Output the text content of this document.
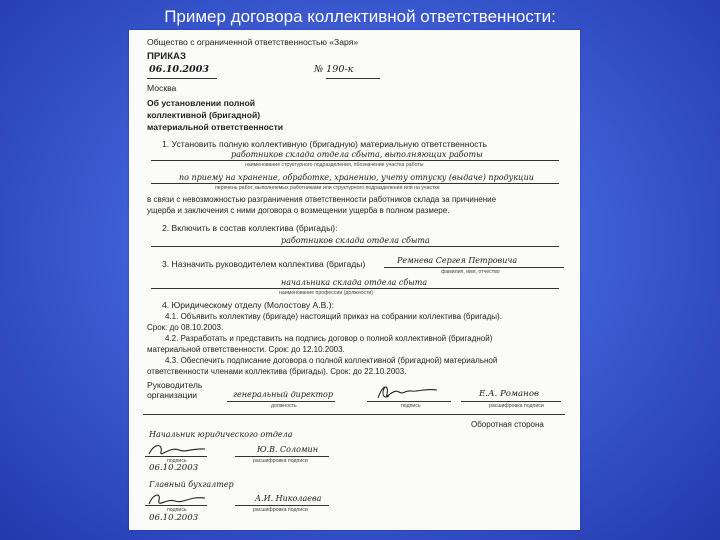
Пример договора коллективной ответственности:
Общество с ограниченной ответственностью «Заря»
ПРИКАЗ
06.10.2003	№ 190-к
Москва
Об установлении полной
коллективной (бригадной)
материальной ответственности
1. Установить полную коллективную (бригадную) материальную ответственность
работников склада отдела сбыта, выполняющих работы
наименование структурного подразделения, обозначение участка работы
по приему на хранение, обработке, хранению, учету отпуску (выдаче) продукции
перечень работ, выполняемых работниками или структурного подразделения или на участке
в связи с невозможностью разграничения ответственности работников склада за причинение
ущерба и заключения с ними договора о возмещении ущерба в полном размере.
2. Включить в состав коллектива (бригады):
работников склада отдела сбыта
3. Назначить руководителем коллектива (бригады)	Ремнева Сергея Петровича
фамилия, имя, отчество
начальника склада отдела сбыта
наименование профессии (должности)
4. Юридическому отделу (Молостову А.В.):
4.1. Объявить коллективу (бригаде) настоящий приказ на собрании коллектива (бригады).
Срок: до 08.10.2003.
4.2. Разработать и представить на подпись договор о полной коллективной (бригадной)
материальной ответственности. Срок: до 12.10.2003.
4.3. Обеспечить подписание договора о полной коллективной (бригадной) материальной
ответственности членами коллектива (бригады). Срок: до 22.10.2003.
Руководитель
организации	генеральный директор
должность	подпись
Е.А. Романов
расшифровка подписи
Оборотная сторона
Начальник юридического отдела
подпись
Ю.В. Соломин
расшифровка подписи
06.10.2003
Главный бухгалтер
подпись
А.И. Николаева
расшифровка подписи
06.10.2003
